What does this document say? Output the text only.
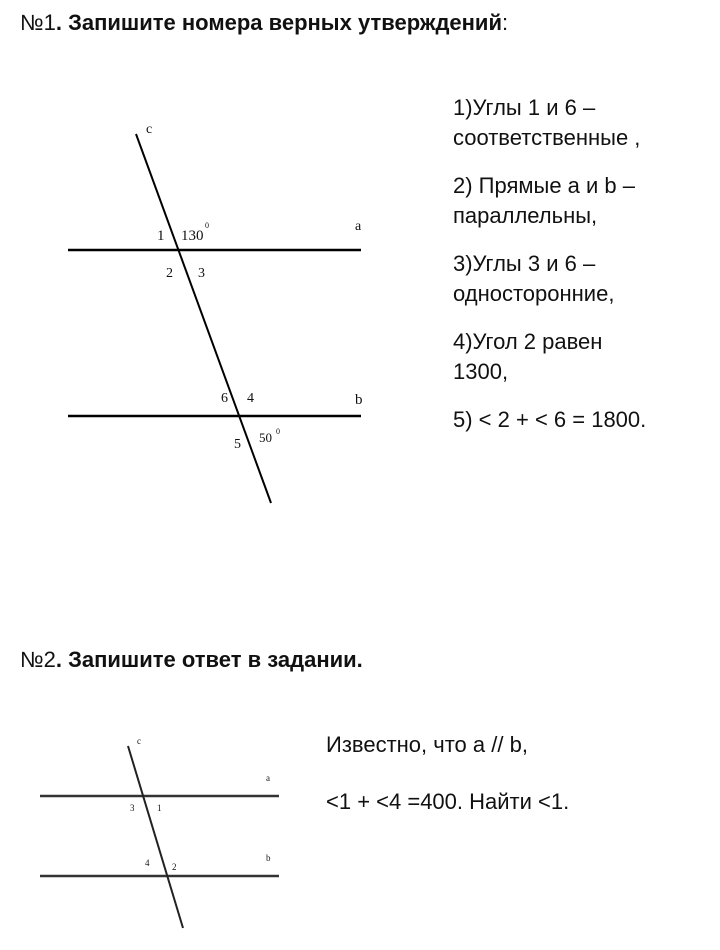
№1. Запишите номера верных утверждений:
c
a
b
1 130
0
2 3
6 4
5 50 0
c
a
b
3	1
4	2
1)Углы 1 и 6 –
соответственные ,
2) Прямые a и b –
параллельны,
3)Углы 3 и 6 –
односторонние,
4)Угол 2 равен
1300,
5) < 2 + < 6 = 1800.
№2. Запишите ответ в задании.

Известно, что а // b,

<1 + <4 =400. Найти <1.
